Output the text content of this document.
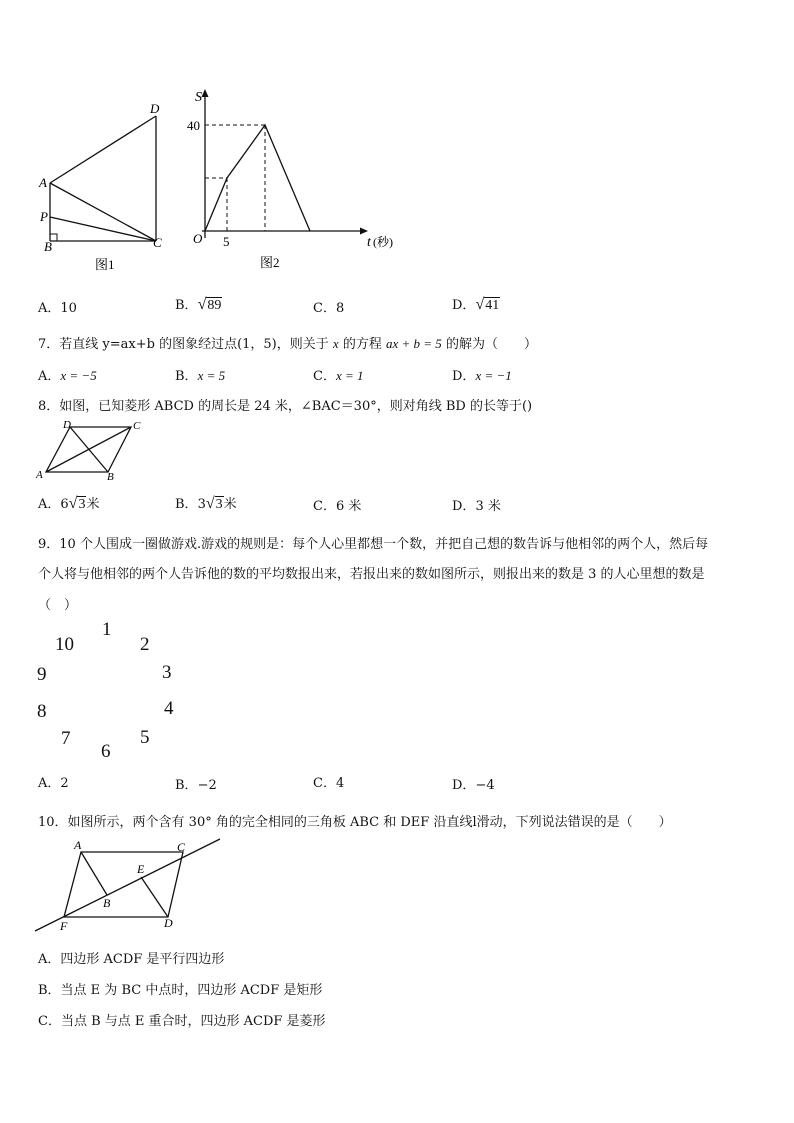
D
A
P
B	C
图1
S
40
O 5	t (秒)
图2
A．10	B．√89	C．8	D．√41
7．若直线 y=ax+b 的图象经过点(1，5)，则关于 x 的方程 ax + b = 5 的解为（　　）
A．x = −5	B．x = 5	C．x = 1	D．x = −1
8．如图，已知菱形 ABCD 的周长是 24 米，∠BAC＝30°，则对角线 BD 的长等于()
D	C
A	B
A．6√3米	B．3√3米	C．6 米	D．3 米
9．10 个人围成一圈做游戏.游戏的规则是：每个人心里都想一个数，并把自己想的数告诉与他相邻的两个人，然后每
个人将与他相邻的两个人告诉他的数的平均数报出来，若报出来的数如图所示，则报出来的数是 3 的人心里想的数是
（　）
10
1
2
9	3
8	4
7
6
5
A．2	B．−2	C．4	D．−4
10．如图所示，两个含有 30° 角的完全相同的三角板 ABC 和 DEF 沿直线l滑动，下列说法错误的是（　　）
A	C
E
B
F	D
A．四边形 ACDF 是平行四边形
B．当点 E 为 BC 中点时，四边形 ACDF 是矩形
C．当点 B 与点 E 重合时，四边形 ACDF 是菱形
